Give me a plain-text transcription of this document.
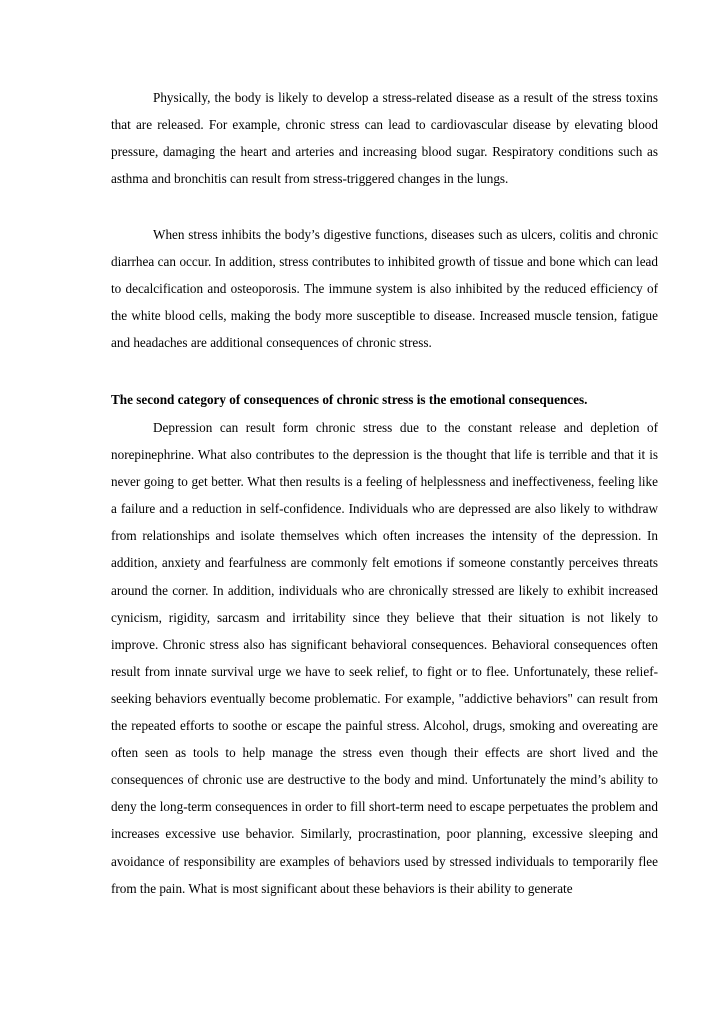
Physically, the body is likely to develop a stress-related disease as a result of the stress toxins that are released. For example, chronic stress can lead to cardiovascular disease by elevating blood pressure, damaging the heart and arteries and increasing blood sugar. Respiratory conditions such as asthma and bronchitis can result from stress-triggered changes in the lungs.

When stress inhibits the body’s digestive functions, diseases such as ulcers, colitis and chronic diarrhea can occur. In addition, stress contributes to inhibited growth of tissue and bone which can lead to decalcification and osteoporosis. The immune system is also inhibited by the reduced efficiency of the white blood cells, making the body more susceptible to disease. Increased muscle tension, fatigue and headaches are additional consequences of chronic stress.

The second category of consequences of chronic stress is the emotional consequences.

Depression can result form chronic stress due to the constant release and depletion of norepinephrine. What also contributes to the depression is the thought that life is terrible and that it is never going to get better. What then results is a feeling of helplessness and ineffectiveness, feeling like a failure and a reduction in self-confidence. Individuals who are depressed are also likely to withdraw from relationships and isolate themselves which often increases the intensity of the depression. In addition, anxiety and fearfulness are commonly felt emotions if someone constantly perceives threats around the corner. In addition, individuals who are chronically stressed are likely to exhibit increased cynicism, rigidity, sarcasm and irritability since they believe that their situation is not likely to improve. Chronic stress also has significant behavioral consequences. Behavioral consequences often result from innate survival urge we have to seek relief, to fight or to flee. Unfortunately, these relief-seeking behaviors eventually become problematic. For example, "addictive behaviors" can result from the repeated efforts to soothe or escape the painful stress. Alcohol, drugs, smoking and overeating are often seen as tools to help manage the stress even though their effects are short lived and the consequences of chronic use are destructive to the body and mind. Unfortunately the mind’s ability to deny the long-term consequences in order to fill short-term need to escape perpetuates the problem and increases excessive use behavior. Similarly, procrastination, poor planning, excessive sleeping and avoidance of responsibility are examples of behaviors used by stressed individuals to temporarily flee from the pain. What is most significant about these behaviors is their ability to generate
